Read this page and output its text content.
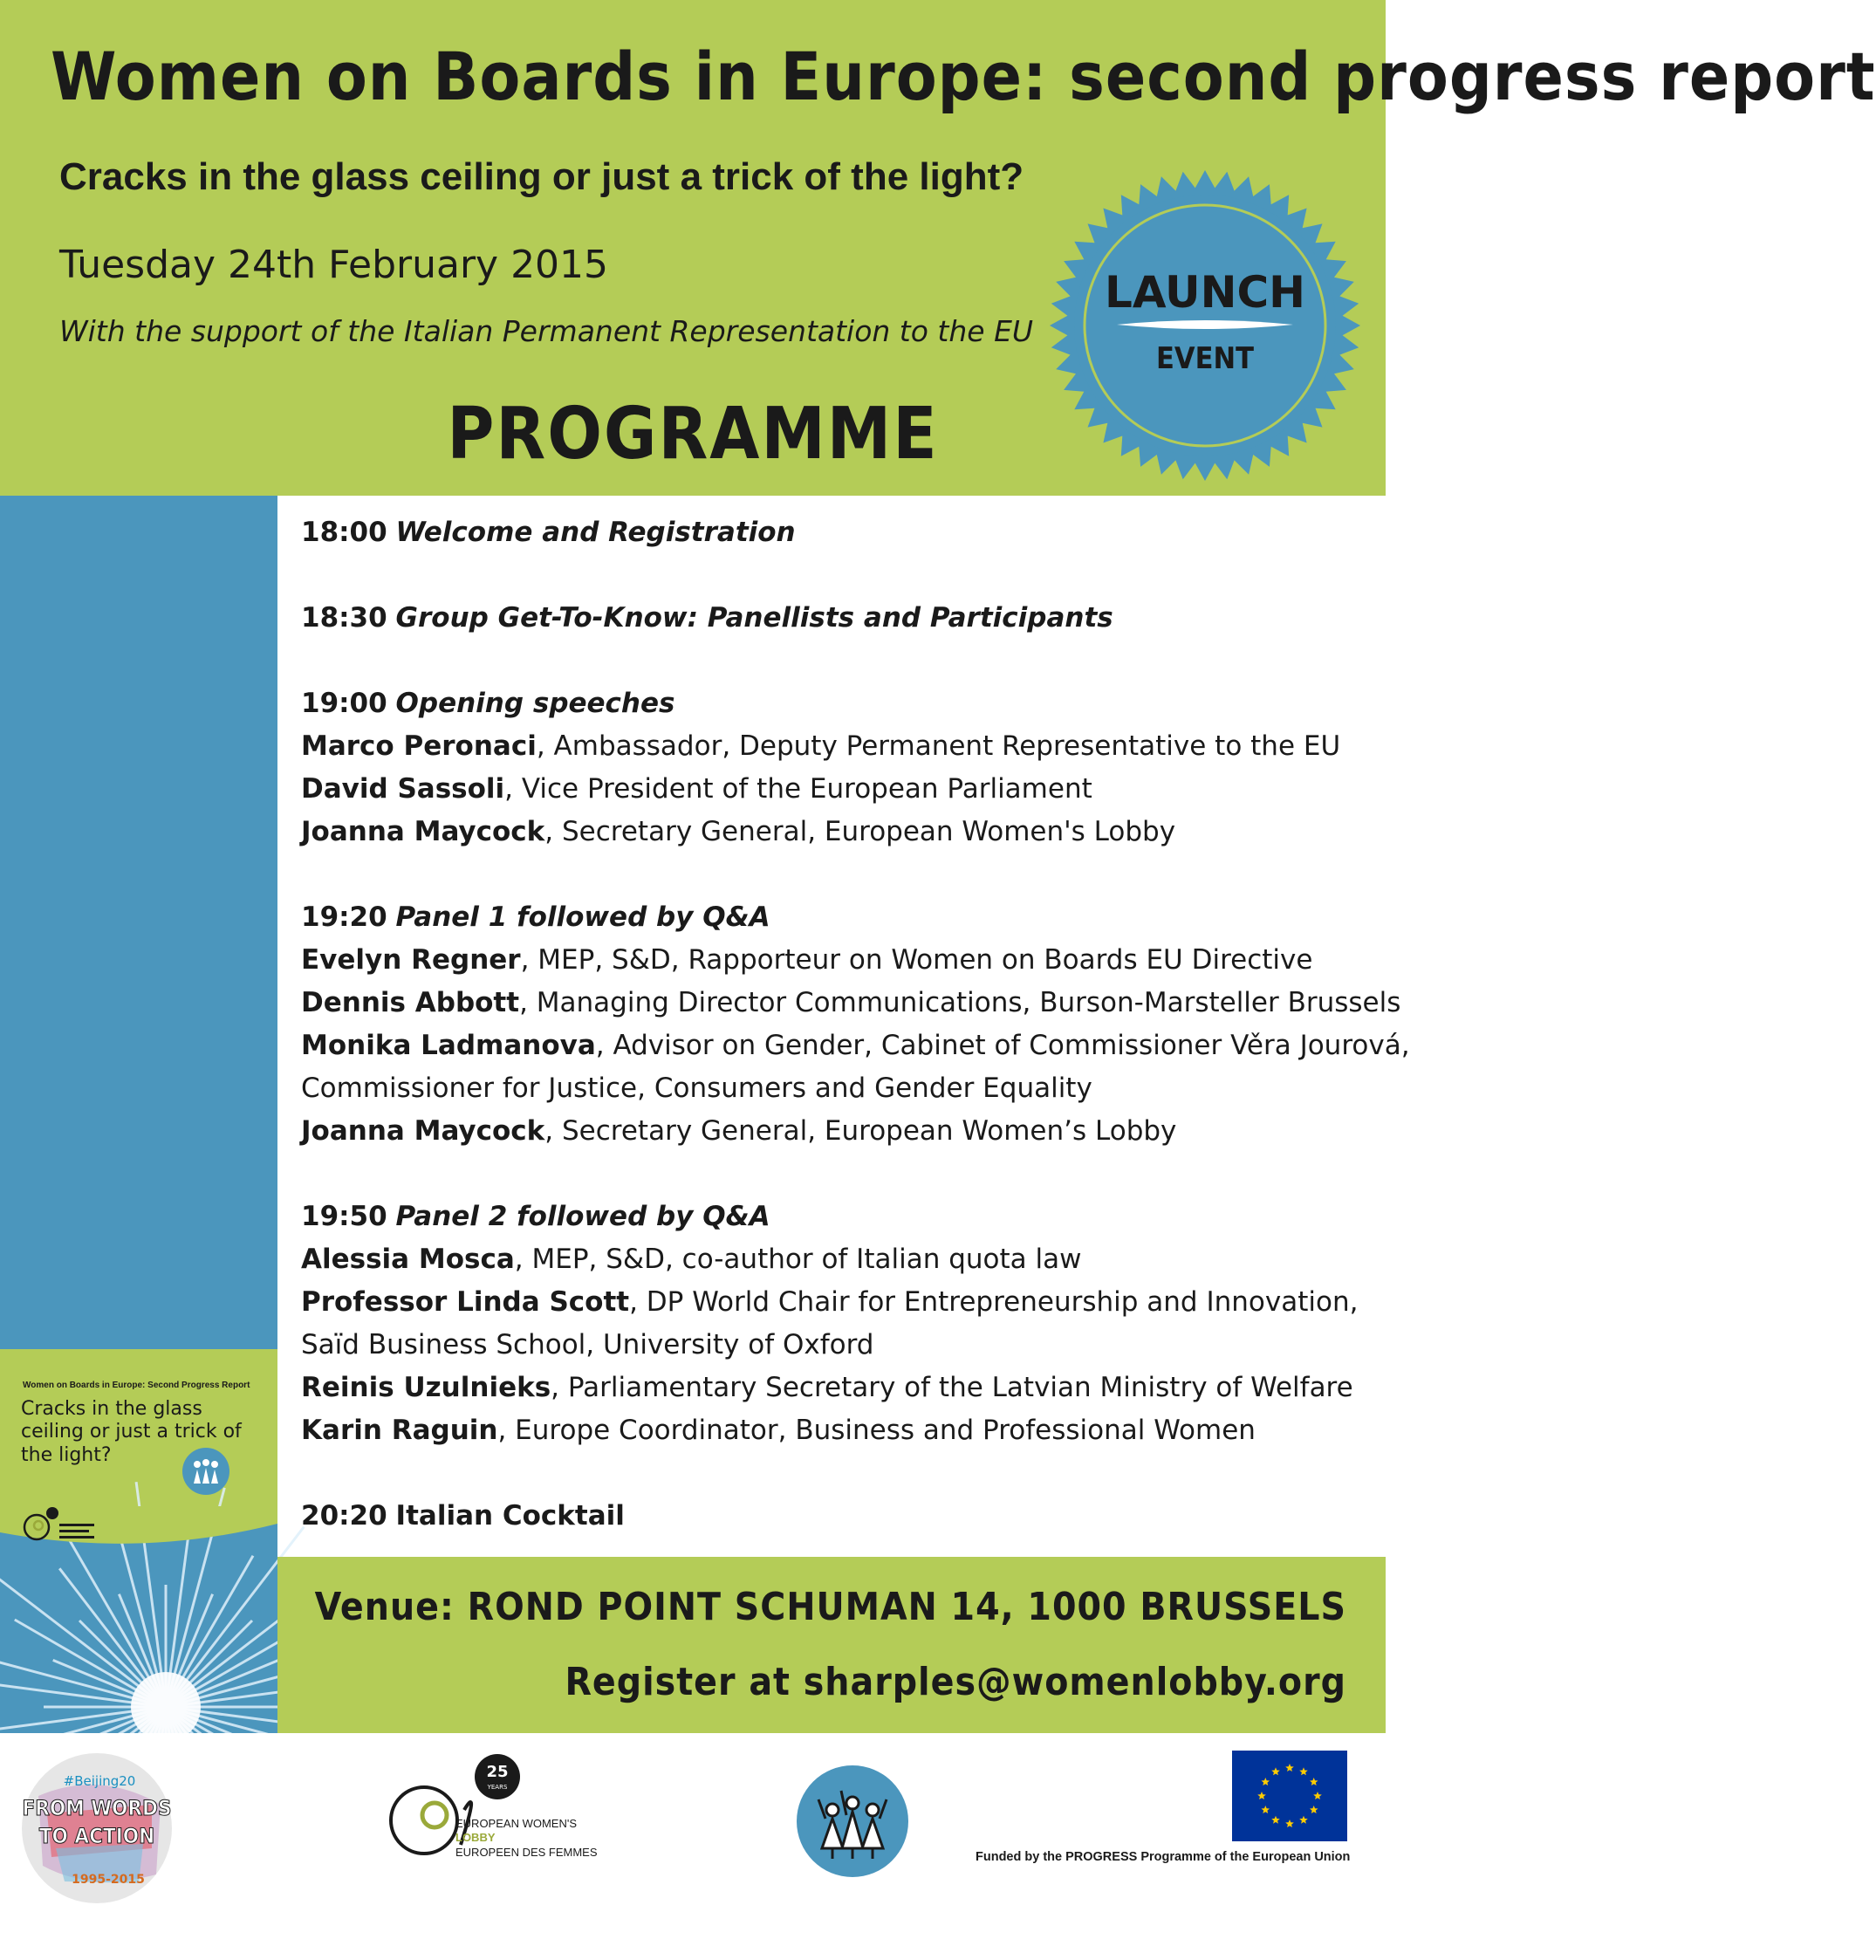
Women on Boards in Europe: second progress report
Cracks in the glass ceiling or just a trick of the light?

Tuesday 24th February 2015

With the support of the Italian Permanent Representation to the EU

PROGRAMME
LAUNCH
EVENT
Women on Boards in Europe: Second Progress Report
Cracks in the glass ceiling or just a trick of the light?
18:00 Welcome and Registration
18:30 Group Get-To-Know: Panellists and Participants
19:00 Opening speeches
Marco Peronaci, Ambassador, Deputy Permanent Representative to the EU
David Sassoli, Vice President of the European Parliament
Joanna Maycock, Secretary General, European Women's Lobby
19:20 Panel 1 followed by Q&A
Evelyn Regner, MEP, S&D, Rapporteur on Women on Boards EU Directive
Dennis Abbott, Managing Director Communications, Burson-Marsteller Brussels
Monika Ladmanova, Advisor on Gender, Cabinet of Commissioner Věra Jourová,
Commissioner for Justice, Consumers and Gender Equality
Joanna Maycock, Secretary General, European Women’s Lobby
19:50 Panel 2 followed by Q&A
Alessia Mosca, MEP, S&D, co-author of Italian quota law
Professor Linda Scott, DP World Chair for Entrepreneurship and Innovation,
Saïd Business School, University of Oxford
Reinis Uzulnieks, Parliamentary Secretary of the Latvian Ministry of Welfare
Karin Raguin, Europe Coordinator, Business and Professional Women
20:20 Italian Cocktail

Venue: ROND POINT SCHUMAN 14, 1000 BRUSSELS

Register at sharples@womenlobby.org

#Beijing20
FROM WORDS
TO ACTION
1995-2015
25
YEARS
EUROPEAN WOMEN'S
LOBBY
EUROPEEN DES FEMMES	Funded by the PROGRESS Programme of the European Union
